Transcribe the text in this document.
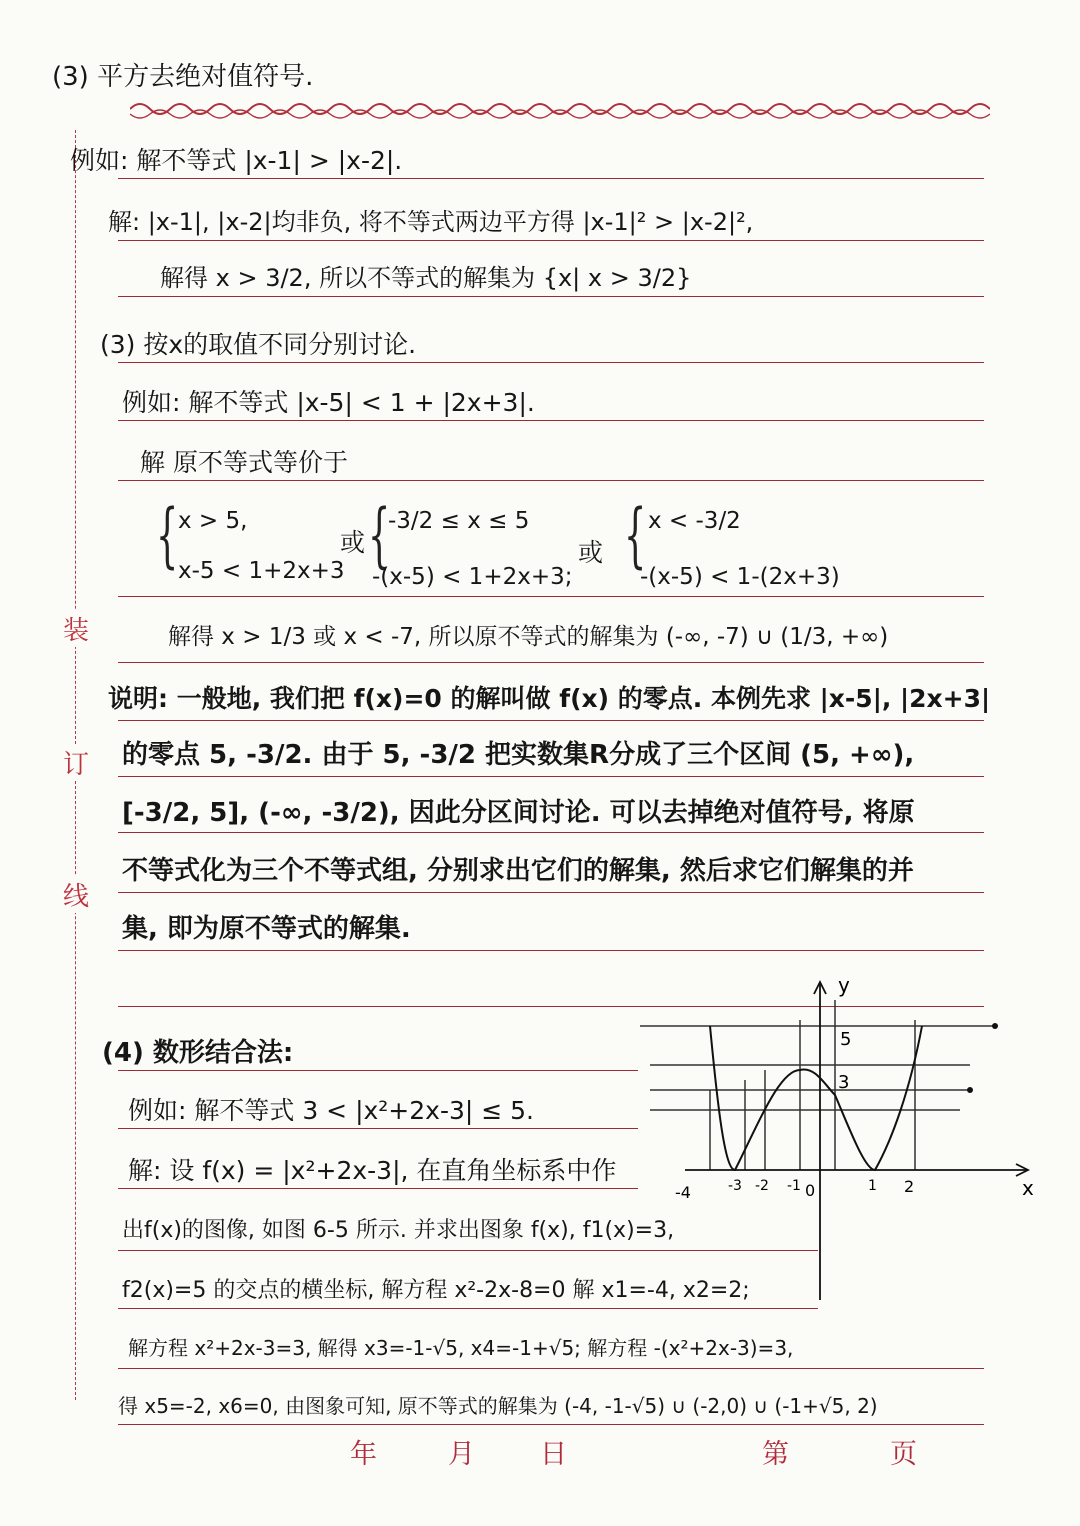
装
订
线
(3) 平方去绝对值符号.
例如: 解不等式 |x-1| > |x-2|.
解: |x-1|, |x-2|均非负, 将不等式两边平方得 |x-1|² > |x-2|²,
解得 x > 3/2, 所以不等式的解集为 {x| x > 3/2}
(3) 按x的取值不同分别讨论.
例如: 解不等式 |x-5| < 1 + |2x+3|.
解 原不等式等价于
{ x > 5,
x-5 < 1+2x+3
或 {
-3/2 ≤ x ≤ 5
-(x-5) < 1+2x+3;
或 { x < -3/2
-(x-5) < 1-(2x+3)
解得 x > 1/3 或 x < -7, 所以原不等式的解集为 (-∞, -7) ∪ (1/3, +∞)
说明: 一般地, 我们把 f(x)=0 的解叫做 f(x) 的零点. 本例先求 |x-5|, |2x+3|
的零点 5, -3/2. 由于 5, -3/2 把实数集R分成了三个区间 (5, +∞),
[-3/2, 5], (-∞, -3/2), 因此分区间讨论. 可以去掉绝对值符号, 将原
不等式化为三个不等式组, 分别求出它们的解集, 然后求它们解集的并
集, 即为原不等式的解集.
(4) 数形结合法:
例如: 解不等式 3 < |x²+2x-3| ≤ 5.
解: 设 f(x) = |x²+2x-3|, 在直角坐标系中作
出f(x)的图像, 如图 6-5 所示. 并求出图象 f(x), f1(x)=3,
f2(x)=5 的交点的横坐标, 解方程 x²-2x-8=0 解 x1=-4, x2=2;
解方程 x²+2x-3=3, 解得 x3=-1-√5, x4=-1+√5; 解方程 -(x²+2x-3)=3,
得 x5=-2, x6=0, 由图象可知, 原不等式的解集为 (-4, -1-√5) ∪ (-2,0) ∪ (-1+√5, 2)
y
x
5
3
-4	-3 -2 -1 0	1 2
年	月 日	第	页
